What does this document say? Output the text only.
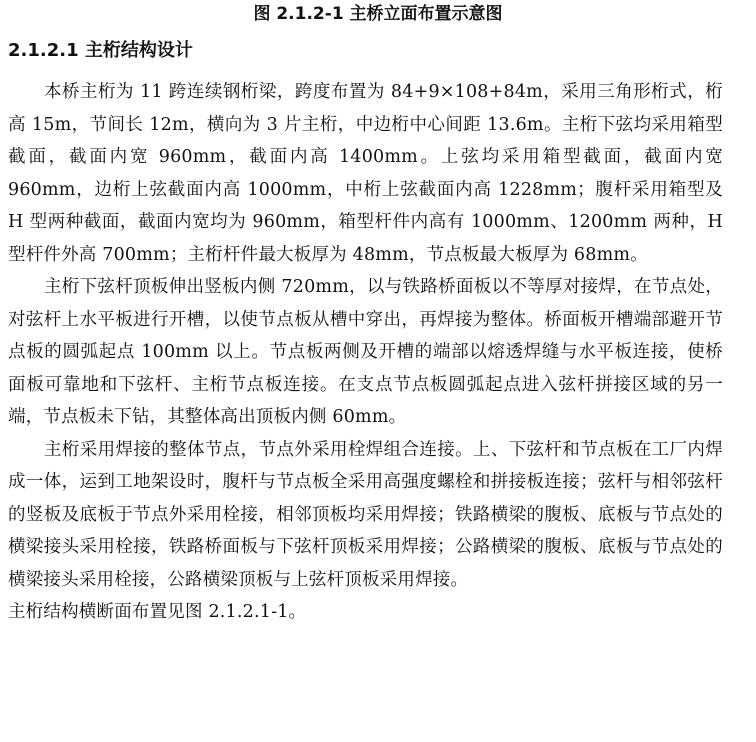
图 2.1.2-1 主桥立面布置示意图
2.1.2.1 主桁结构设计

本桥主桁为 11 跨连续钢桁梁，跨度布置为 84+9×108+84m，采用三角形桁式，桁高 15m，节间长 12m，横向为 3 片主桁，中边桁中心间距 13.6m。主桁下弦均采用箱型截面，截面内宽 960mm，截面内高 1400mm。上弦均采用箱型截面，截面内宽 960mm，边桁上弦截面内高 1000mm，中桁上弦截面内高 1228mm；腹杆采用箱型及 H 型两种截面，截面内宽均为 960mm，箱型杆件内高有 1000mm、1200mm 两种，H 型杆件外高 700mm；主桁杆件最大板厚为 48mm，节点板最大板厚为 68mm。

主桁下弦杆顶板伸出竖板内侧 720mm，以与铁路桥面板以不等厚对接焊，在节点处，对弦杆上水平板进行开槽，以使节点板从槽中穿出，再焊接为整体。桥面板开槽端部避开节点板的圆弧起点 100mm 以上。节点板两侧及开槽的端部以熔透焊缝与水平板连接，使桥面板可靠地和下弦杆、主桁节点板连接。在支点节点板圆弧起点进入弦杆拼接区域的另一端，节点板未下钻，其整体高出顶板内侧 60mm。

主桁采用焊接的整体节点，节点外采用栓焊组合连接。上、下弦杆和节点板在工厂内焊成一体，运到工地架设时，腹杆与节点板全采用高强度螺栓和拼接板连接；弦杆与相邻弦杆的竖板及底板于节点外采用栓接，相邻顶板均采用焊接；铁路横梁的腹板、底板与节点处的横梁接头采用栓接，铁路桥面板与下弦杆顶板采用焊接；公路横梁的腹板、底板与节点处的横梁接头采用栓接，公路横梁顶板与上弦杆顶板采用焊接。

主桁结构横断面布置见图 2.1.2.1-1。
